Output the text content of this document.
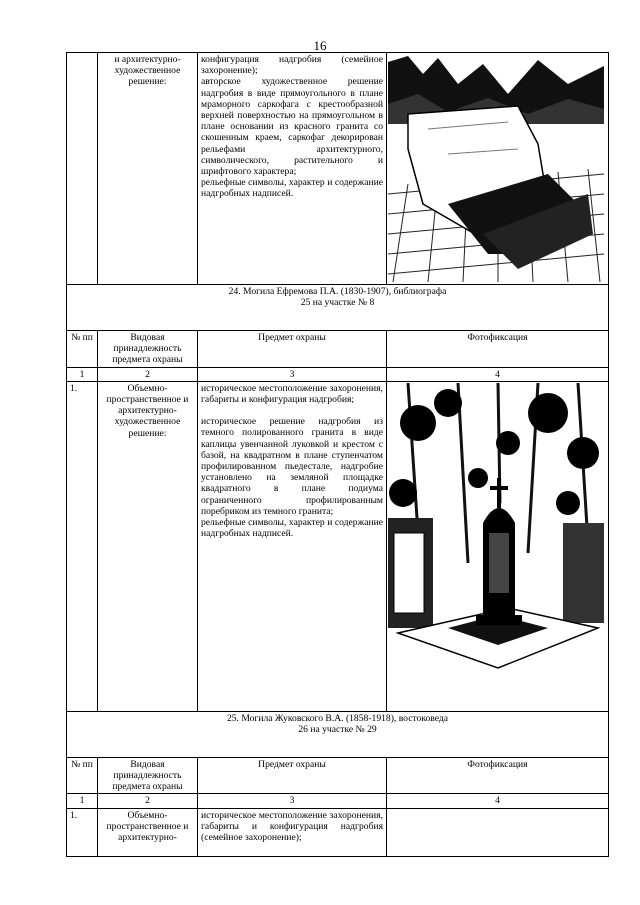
16
	и архитектурно-художественное решение:	конфигурация надгробия (семейное захоронение);

авторское художественное решение надгробия в виде прямоугольного в плане мраморного саркофага с крестообразной верхней поверхностью на прямоугольном в плане основании из красного гранита со скошенным краем, саркофаг декорирован рельефами архитектурного, символического, растительного и шрифтового характера;

рельефные символы, характер и содержание надгробных надписей.

24. Могила Ефремова П.А. (1830-1907), библиографа
25 на участке № 8			

№ пп	Видовая принадлежность предмета охраны	Предмет охраны	Фотофиксация
1	2	3	4
1.	Объемно-пространственное и архитектурно-художественное решение:	историческое местоположение захоронения, габариты и конфигурация надгробия;

историческое решение надгробия из темного полированного гранита в виде каплицы увенчанной луковкой и крестом с базой, на квадратном в плане ступенчатом профилированном пьедестале, надгробие установлено на земляной площадке квадратного в плане подиума ограниченного профилированным поребриком из темного гранита;

рельефные символы, характер и содержание надгробных надписей.

25. Могила Жуковского В.А. (1858-1918), востоковеда
26 на участке № 29			

№ пп	Видовая принадлежность предмета охраны	Предмет охраны	Фотофиксация
1	2	3	4
1.	Объемно-пространственное и архитектурно-	историческое местоположение захоронения, габариты и конфигурация надгробия (семейное захоронение);	
